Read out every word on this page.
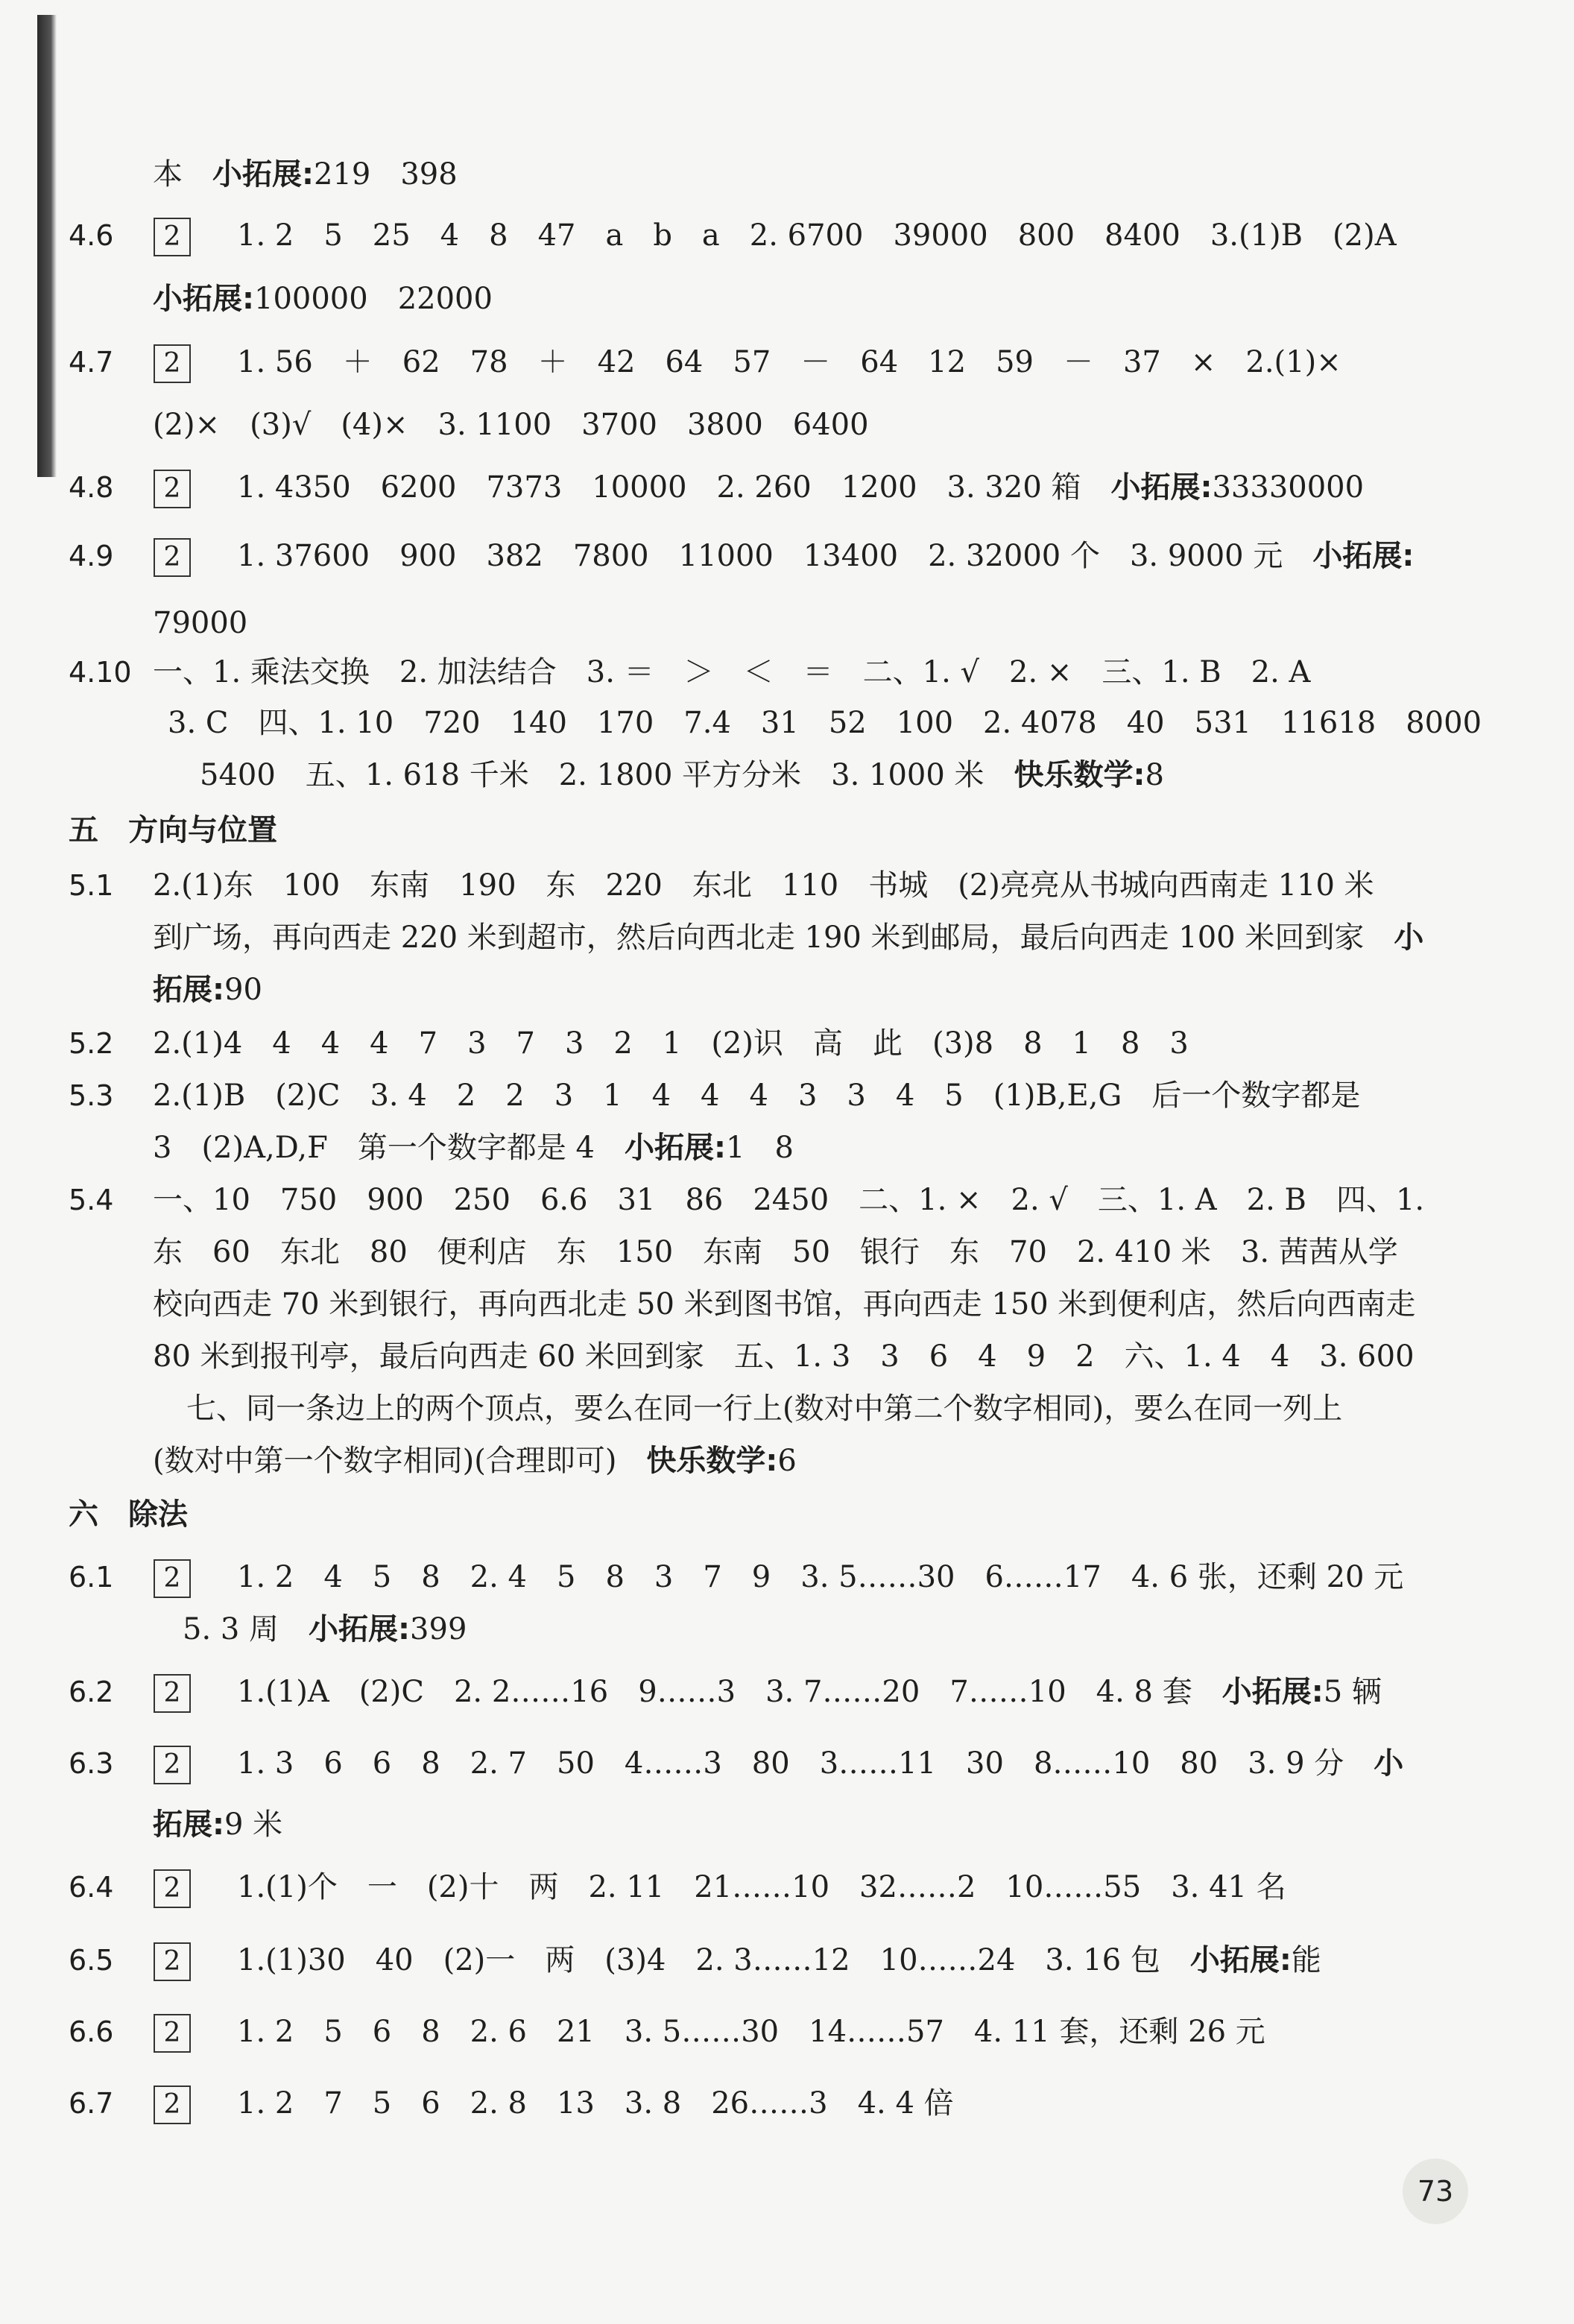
五　方向与位置
六　除法
本　小拓展:219　398
4.6	2	1. 2　5　25　4　8　47　a　b　a　2. 6700　39000　800　8400　3.(1)B　(2)A
小拓展:100000　22000
4.7	2	1. 56　＋　62　78　＋　42　64　57　－　64　12　59　－　37　×　2.(1)×
(2)×　(3)√　(4)×　3. 1100　3700　3800　6400
4.8	2	1. 4350　6200　7373　10000　2. 260　1200　3. 320 箱　小拓展:33330000
4.9	2	1. 37600　900　382　7800　11000　13400　2. 32000 个　3. 9000 元　小拓展:
79000
4.10 一、1. 乘法交换　2. 加法结合　3. ＝　＞　＜　＝　二、1. √　2. ×　三、1. B　2. A
3. C　四、1. 10　720　140　170　7.4　31　52　100　2. 4078　40　531　11618　8000
5400　五、1. 618 千米　2. 1800 平方分米　3. 1000 米　快乐数学:8
5.1	2.(1)东　100　东南　190　东　220　东北　110　书城　(2)亮亮从书城向西南走 110 米
到广场，再向西走 220 米到超市，然后向西北走 190 米到邮局，最后向西走 100 米回到家　小
拓展:90
5.2	2.(1)4　4　4　4　7　3　7　3　2　1　(2)识　高　此　(3)8　8　1　8　3
5.3	2.(1)B　(2)C　3. 4　2　2　3　1　4　4　4　3　3　4　5　(1)B,E,G　后一个数字都是
3　(2)A,D,F　第一个数字都是 4　小拓展:1　8
5.4	一、10　750　900　250　6.6　31　86　2450　二、1. ×　2. √　三、1. A　2. B　四、1.
东　60　东北　80　便利店　东　150　东南　50　银行　东　70　2. 410 米　3. 茜茜从学
校向西走 70 米到银行，再向西北走 50 米到图书馆，再向西走 150 米到便利店，然后向西南走
80 米到报刊亭，最后向西走 60 米回到家　五、1. 3　3　6　4　9　2　六、1. 4　4　3. 600
七、同一条边上的两个顶点，要么在同一行上(数对中第二个数字相同)，要么在同一列上
(数对中第一个数字相同)(合理即可)　快乐数学:6
6.1	2	1. 2　4　5　8　2. 4　5　8　3　7　9　3. 5……30　6……17　4. 6 张，还剩 20 元
5. 3 周　小拓展:399
6.2	2	1.(1)A　(2)C　2. 2……16　9……3　3. 7……20　7……10　4. 8 套　小拓展:5 辆
6.3	2	1. 3　6　6　8　2. 7　50　4……3　80　3……11　30　8……10　80　3. 9 分　小
拓展:9 米
6.4	2	1.(1)个　一　(2)十　两　2. 11　21……10　32……2　10……55　3. 41 名
6.5	2	1.(1)30　40　(2)一　两　(3)4　2. 3……12　10……24　3. 16 包　小拓展:能
6.6	2	1. 2　5　6　8　2. 6　21　3. 5……30　14……57　4. 11 套，还剩 26 元
6.7	2	1. 2　7　5　6　2. 8　13　3. 8　26……3　4. 4 倍
73
